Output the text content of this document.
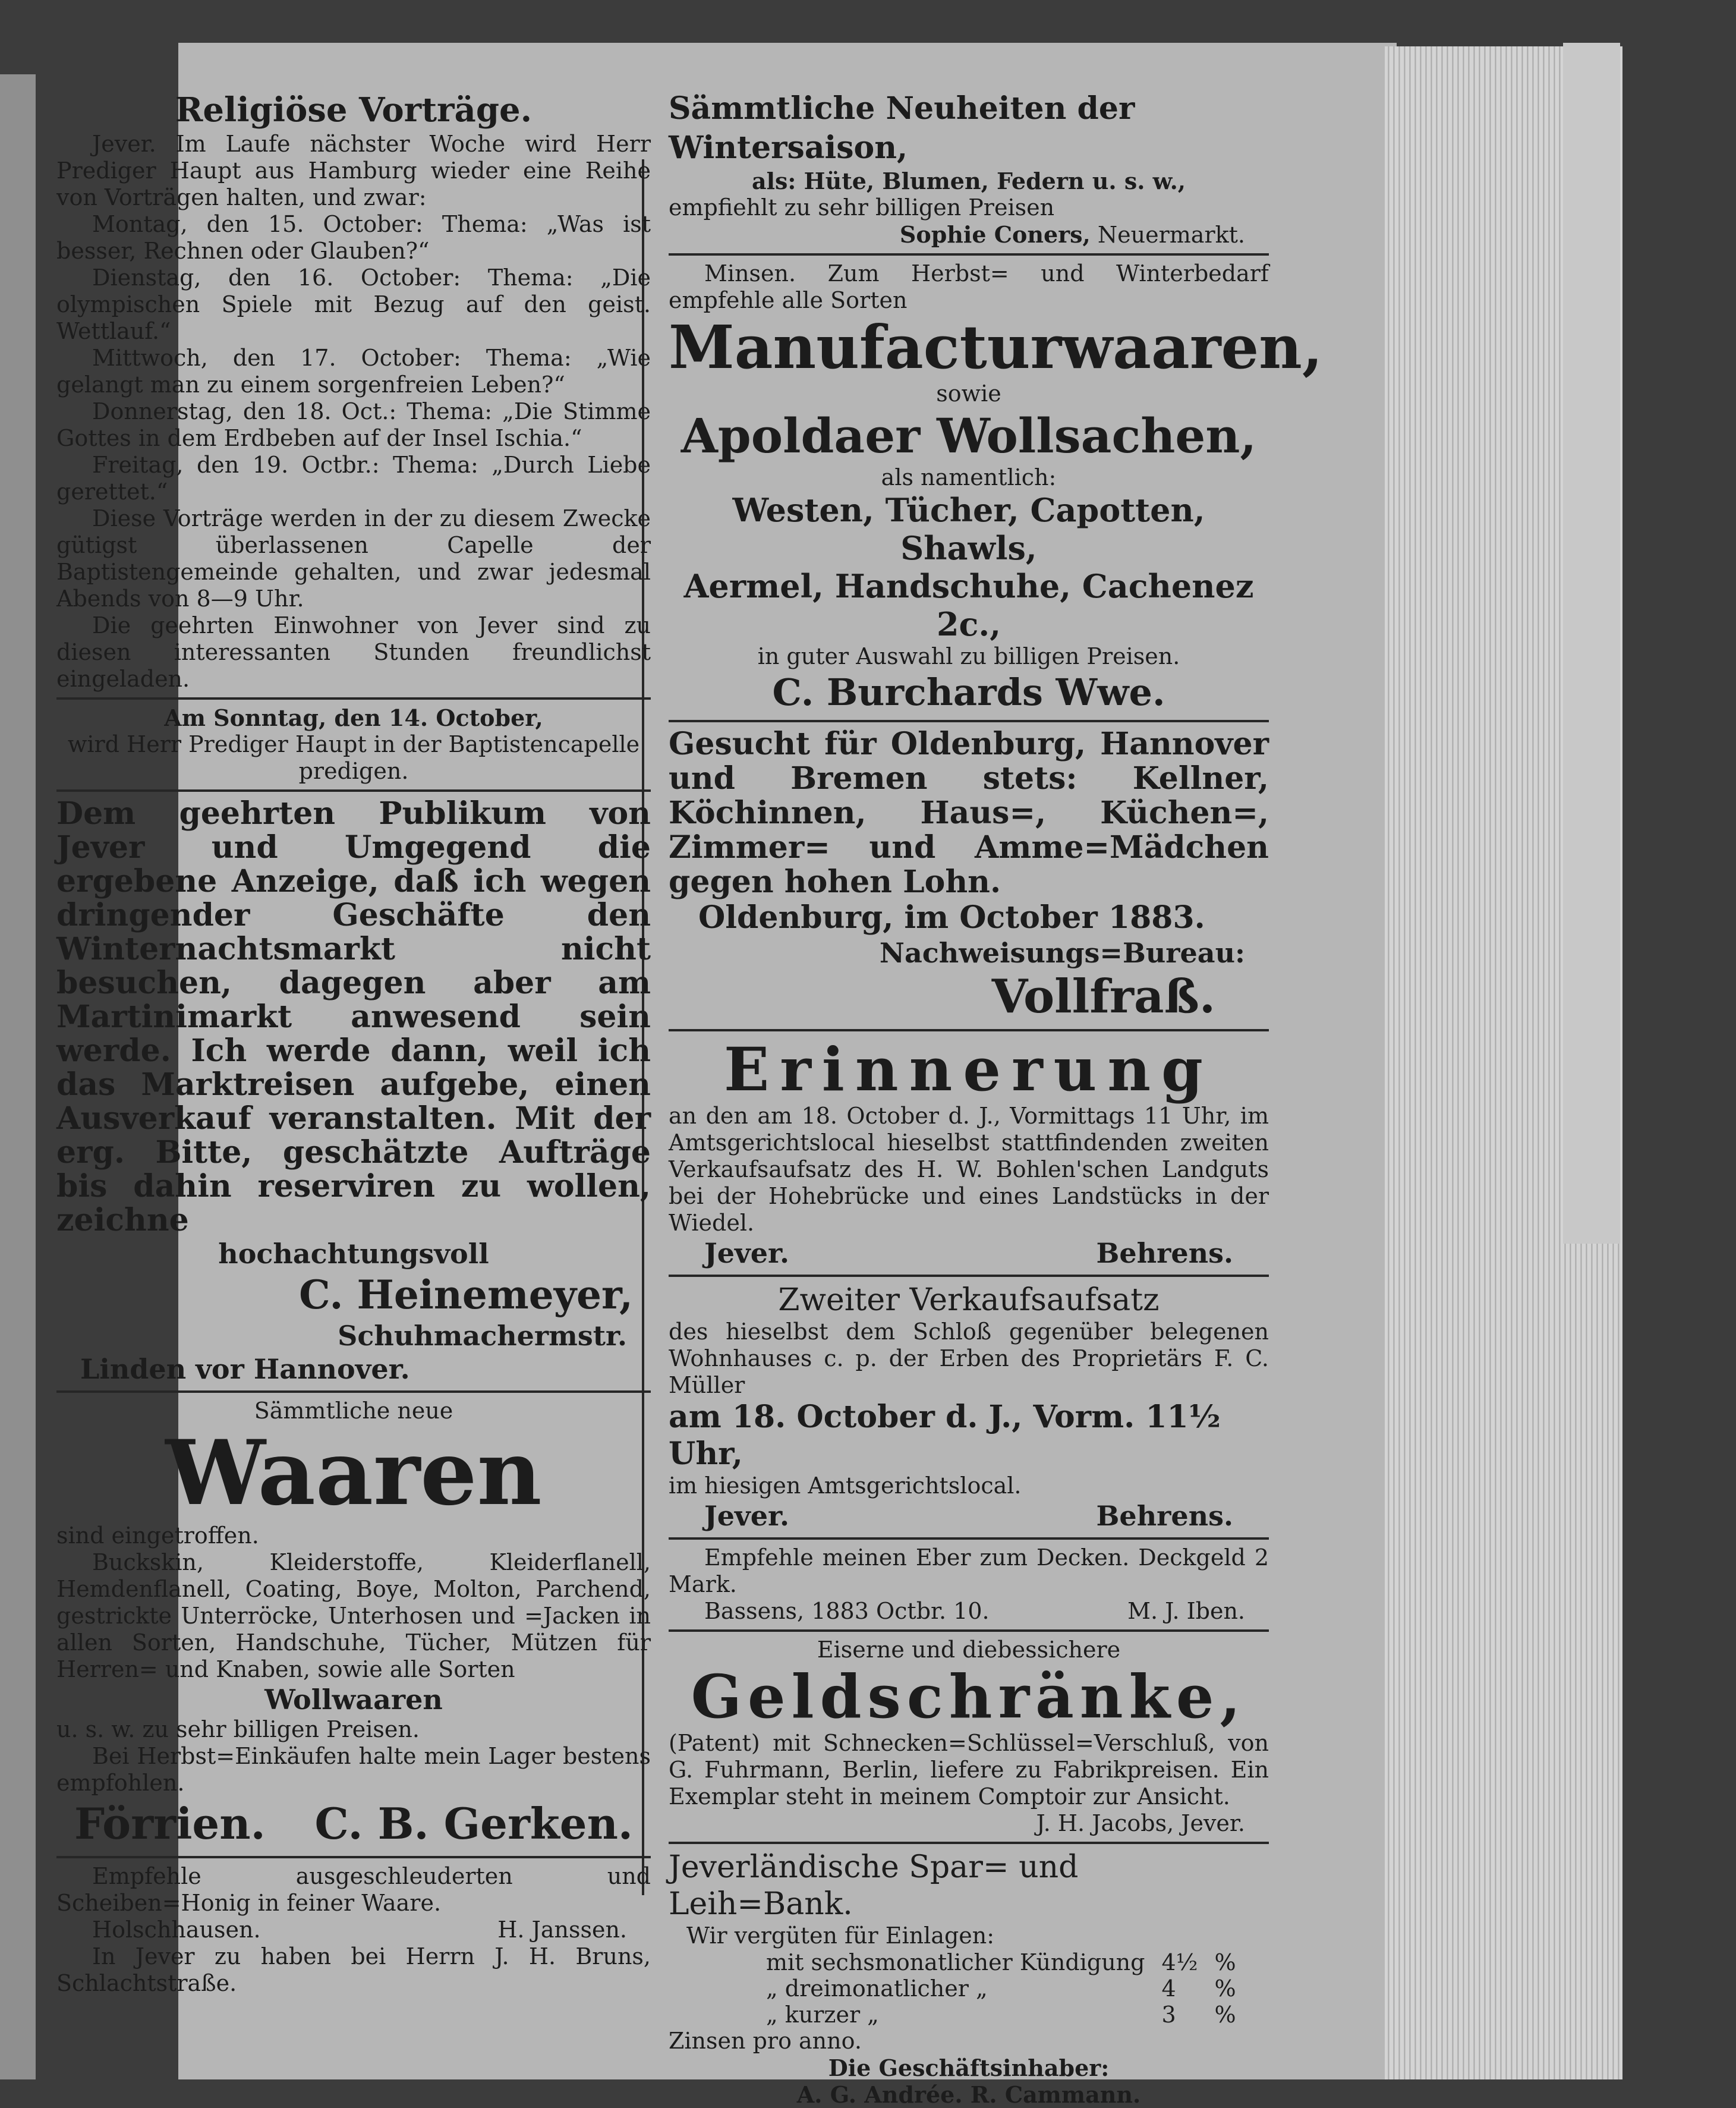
Religiöse Vorträge.
Jever. Im Laufe nächster Woche wird Herr Prediger Haupt aus Hamburg wieder eine Reihe von Vorträgen halten, und zwar:
Montag, den 15. October: Thema: „Was ist besser, Rechnen oder Glauben?“
Dienstag, den 16. October: Thema: „Die olympischen Spiele mit Bezug auf den geist. Wettlauf.“
Mittwoch, den 17. October: Thema: „Wie gelangt man zu einem sorgenfreien Leben?“
Donnerstag, den 18. Oct.: Thema: „Die Stimme Gottes in dem Erdbeben auf der Insel Ischia.“
Freitag, den 19. Octbr.: Thema: „Durch Liebe gerettet.“
Diese Vorträge werden in der zu diesem Zwecke gütigst überlassenen Capelle der Baptistengemeinde gehalten, und zwar jedesmal Abends von 8—9 Uhr.
Die geehrten Einwohner von Jever sind zu diesen interessanten Stunden freundlichst eingeladen.
Am Sonntag, den 14. October,
wird Herr Prediger Haupt in der Baptistencapelle predigen.
Dem geehrten Publikum von Jever und Umgegend die ergebene Anzeige, daß ich wegen dringender Geschäfte den Winternachtsmarkt nicht besuchen, dagegen aber am Martinimarkt anwesend sein werde. Ich werde dann, weil ich das Marktreisen aufgebe, einen Ausverkauf veranstalten. Mit der erg. Bitte, geschätzte Aufträge bis dahin reserviren zu wollen, zeichne
hochachtungsvoll
C. Heinemeyer,
Schuhmachermstr.
Linden vor Hannover.
Sämmtliche neue
Waaren
sind eingetroffen.
Buckskin, Kleiderstoffe, Kleiderflanell, Hemdenflanell, Coating, Boye, Molton, Parchend, gestrickte Unterröcke, Unterhosen und =Jacken in allen Sorten, Handschuhe, Tücher, Mützen für Herren= und Knaben, sowie alle Sorten
Wollwaaren
u. s. w. zu sehr billigen Preisen.
Bei Herbst=Einkäufen halte mein Lager bestens empfohlen.
Förrien. C. B. Gerken.
Empfehle ausgeschleuderten und Scheiben=Honig in feiner Waare.
Holschhausen.	H. Janssen.
In Jever zu haben bei Herrn J. H. Bruns, Schlachtstraße.
Sämmtliche Neuheiten der Wintersaison,
als: Hüte, Blumen, Federn u. s. w.,
empfiehlt zu sehr billigen Preisen
Sophie Coners, Neuermarkt.
Minsen. Zum Herbst= und Winterbedarf empfehle alle Sorten
Manufacturwaaren,
sowie
Apoldaer Wollsachen,
als namentlich:
Westen, Tücher, Capotten, Shawls,
Aermel, Handschuhe, Cachenez 2c.,
in guter Auswahl zu billigen Preisen.
C. Burchards Wwe.
Gesucht für Oldenburg, Hannover und Bremen stets: Kellner, Köchinnen, Haus=, Küchen=, Zimmer= und Amme=Mädchen gegen hohen Lohn.
Oldenburg, im October 1883.
Nachweisungs=Bureau:
Vollfraß.
Erinnerung
an den am 18. October d. J., Vormittags 11 Uhr, im Amtsgerichtslocal hieselbst stattfindenden zweiten Verkaufsaufsatz des H. W. Bohlen'schen Landguts bei der Hohebrücke und eines Landstücks in der Wiedel.
Jever.	Behrens.
Zweiter Verkaufsaufsatz
des hieselbst dem Schloß gegenüber belegenen Wohnhauses c. p. der Erben des Proprietärs F. C. Müller
am 18. October d. J., Vorm. 11½ Uhr,
im hiesigen Amtsgerichtslocal.
Jever.	Behrens.
Empfehle meinen Eber zum Decken. Deckgeld 2 Mark.
Bassens, 1883 Octbr. 10.	M. J. Iben.
Eiserne und diebessichere
Geldschränke,
(Patent) mit Schnecken=Schlüssel=Verschluß, von G. Fuhrmann, Berlin, liefere zu Fabrikpreisen. Ein Exemplar steht in meinem Comptoir zur Ansicht.
J. H. Jacobs, Jever.
Jeverländische Spar= und Leih=Bank.
Wir vergüten für Einlagen:
mit sechsmonatlicher Kündigung	4½	%
„ dreimonatlicher „	4	%
„ kurzer „	3	%
Zinsen pro anno.
Die Geschäftsinhaber:
A. G. Andrée. R. Cammann.
